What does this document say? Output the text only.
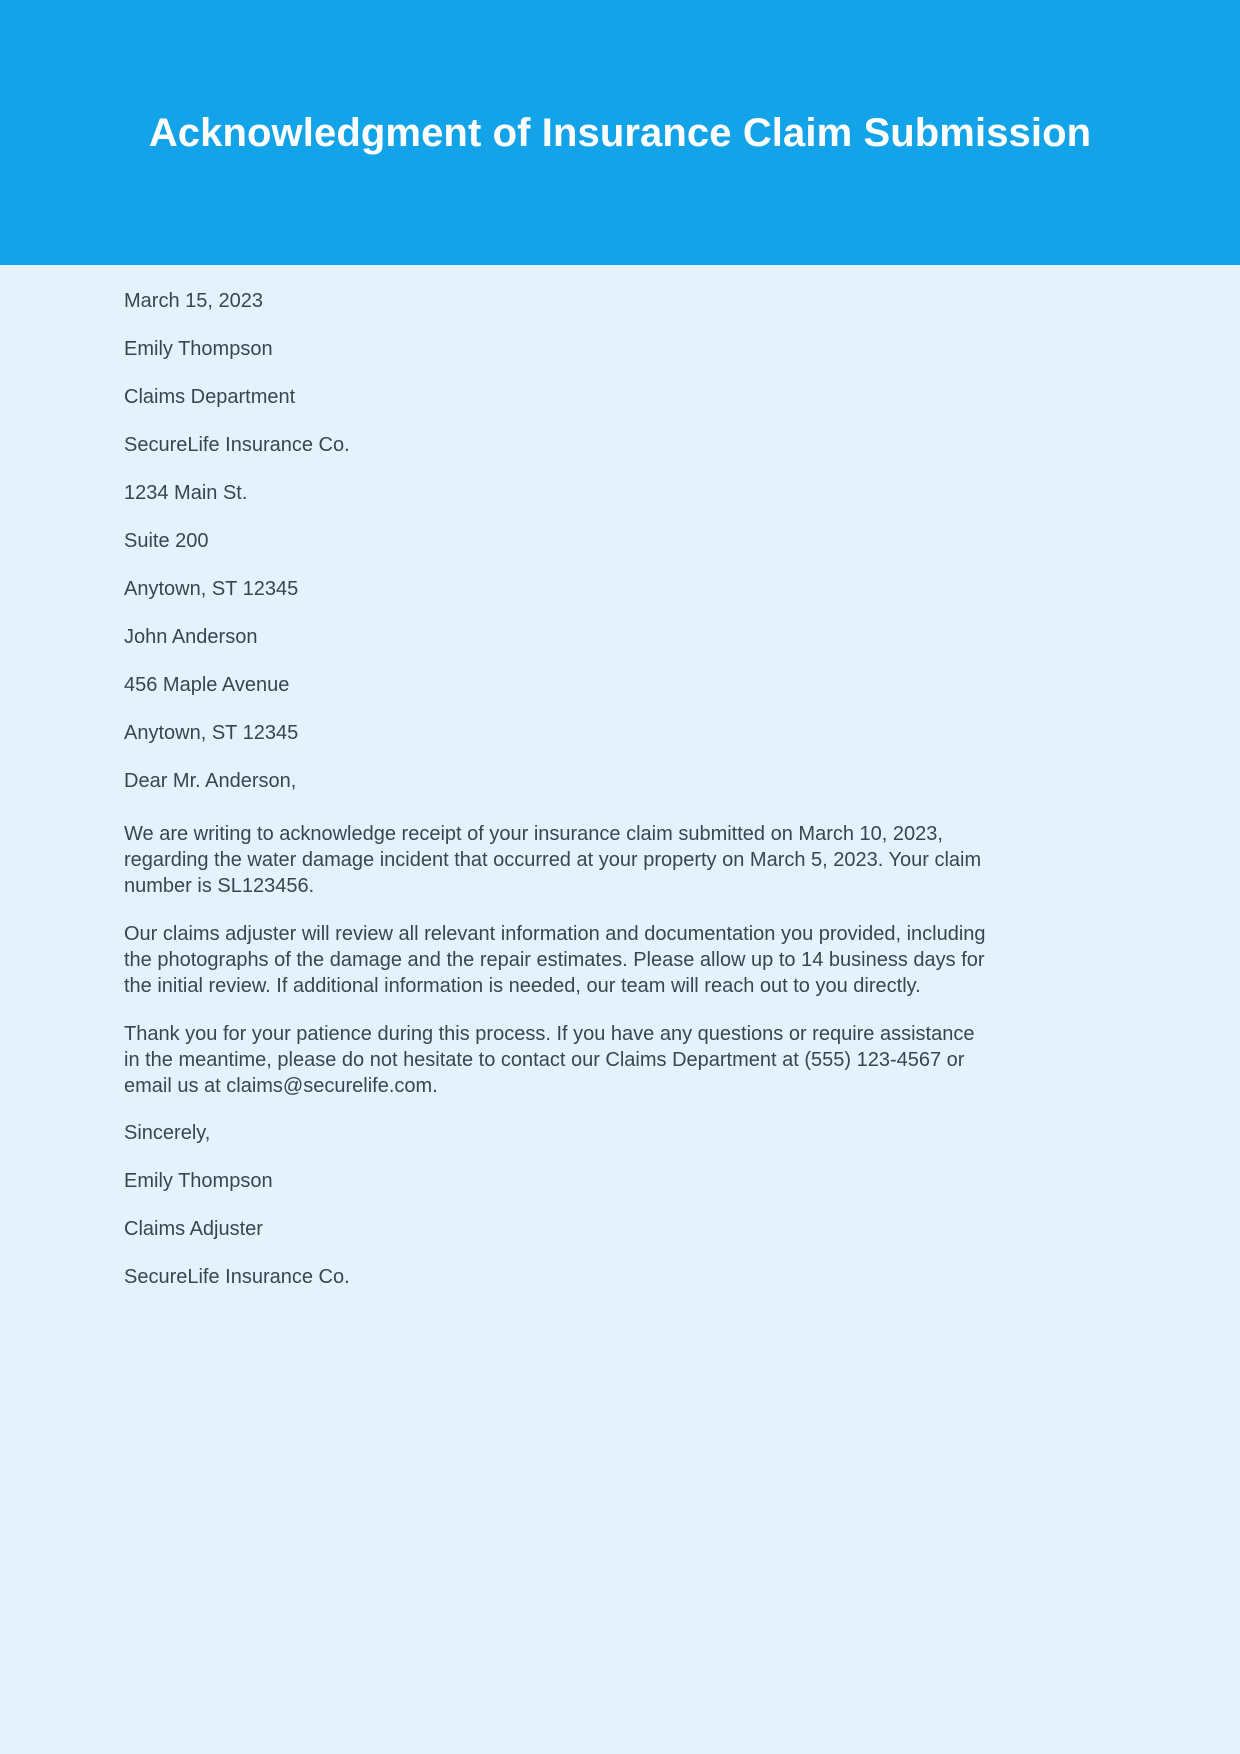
Acknowledgment of Insurance Claim Submission

March 15, 2023

Emily Thompson

Claims Department

SecureLife Insurance Co.

1234 Main St.

Suite 200

Anytown, ST 12345

John Anderson

456 Maple Avenue

Anytown, ST 12345

Dear Mr. Anderson,

We are writing to acknowledge receipt of your insurance claim submitted on March 10, 2023, regarding the water damage incident that occurred at your property on March 5, 2023. Your claim number is SL123456.

Our claims adjuster will review all relevant information and documentation you provided, including the photographs of the damage and the repair estimates. Please allow up to 14 business days for the initial review. If additional information is needed, our team will reach out to you directly.

Thank you for your patience during this process. If you have any questions or require assistance in the meantime, please do not hesitate to contact our Claims Department at (555) 123-4567 or email us at claims@securelife.com.

Sincerely,

Emily Thompson

Claims Adjuster

SecureLife Insurance Co.
